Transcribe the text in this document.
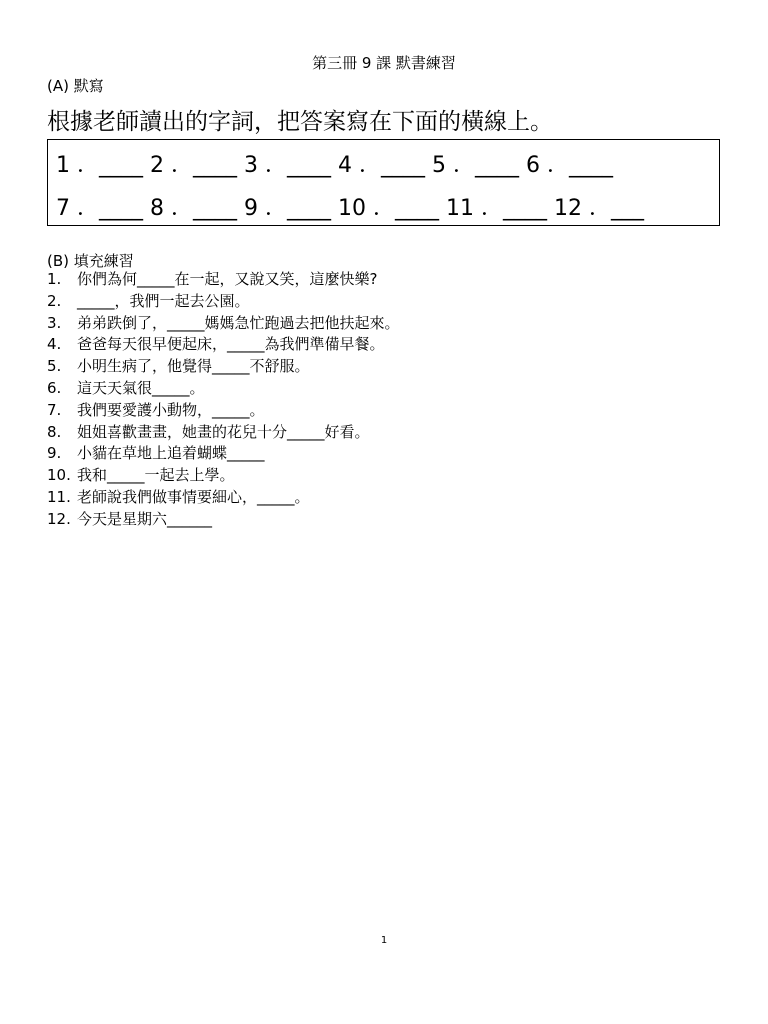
第三冊 9 課 默書練習
(A) 默寫
根據老師讀出的字詞，把答案寫在下面的橫線上。
1 ．____ 2 ．____ 3 ．____ 4 ．____ 5 ．____ 6 ．____
7 ．____ 8 ．____ 9 ．____ 10 ．____ 11 ．____ 12 ．___
(B) 填充練習
1. 你們為何_____在一起，又說又笑，這麼快樂?
2. _____，我們一起去公園。
3. 弟弟跌倒了，_____媽媽急忙跑過去把他扶起來。
4. 爸爸每天很早便起床，_____為我們準備早餐。
5. 小明生病了，他覺得_____不舒服。
6. 這天天氣很_____。
7. 我們要愛護小動物，_____。
8. 姐姐喜歡畫畫，她畫的花兒十分_____好看。
9. 小貓在草地上追着蝴蝶_____
10. 我和_____一起去上學。
11. 老師說我們做事情要細心，_____。
12. 今天是星期六______
1
